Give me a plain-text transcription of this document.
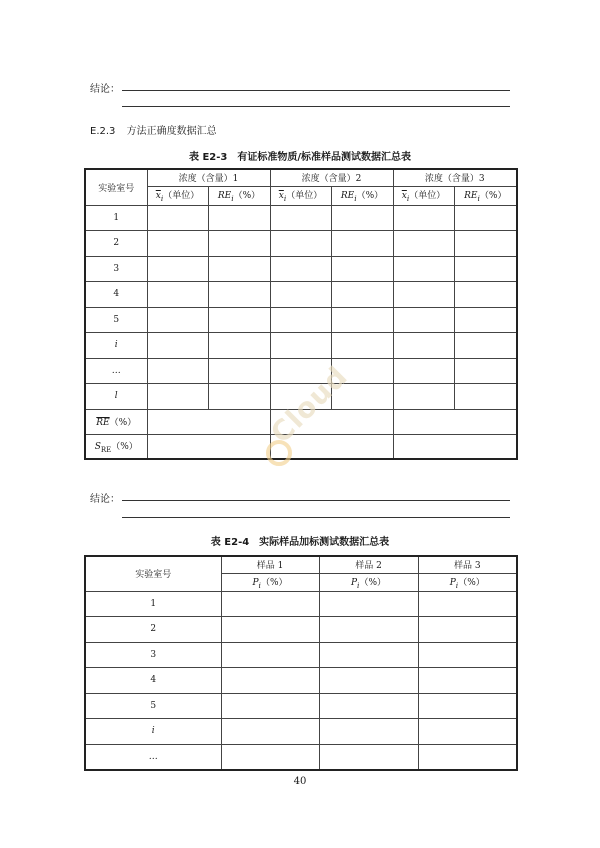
结论：
E.2.3 方法正确度数据汇总
表 E2-3　有证标准物质/标准样品测试数据汇总表
实验室号	浓度（含量）1		浓度（含量）2		浓度（含量）3	
	$\overline{x}_i$（单位）	$RE_i(\%)$	$\overline{x}_i$（单位）	$RE_i(\%)$	$\overline{x}_i$（单位）	$RE_i(\%)$
1						
2						
3						
4						
5						
i						
…						
l						
$\overline{RE}(\%)$						
$S_{RE}(\%)$							Cloud
结论：
表 E2-4　实际样品加标测试数据汇总表
实验室号	样品 1	样品 2	样品 3
	$P_i(\%)$	$P_i(\%)$	$P_i(\%)$
1			
2			
3			
4			
5			
i			
…			
40
